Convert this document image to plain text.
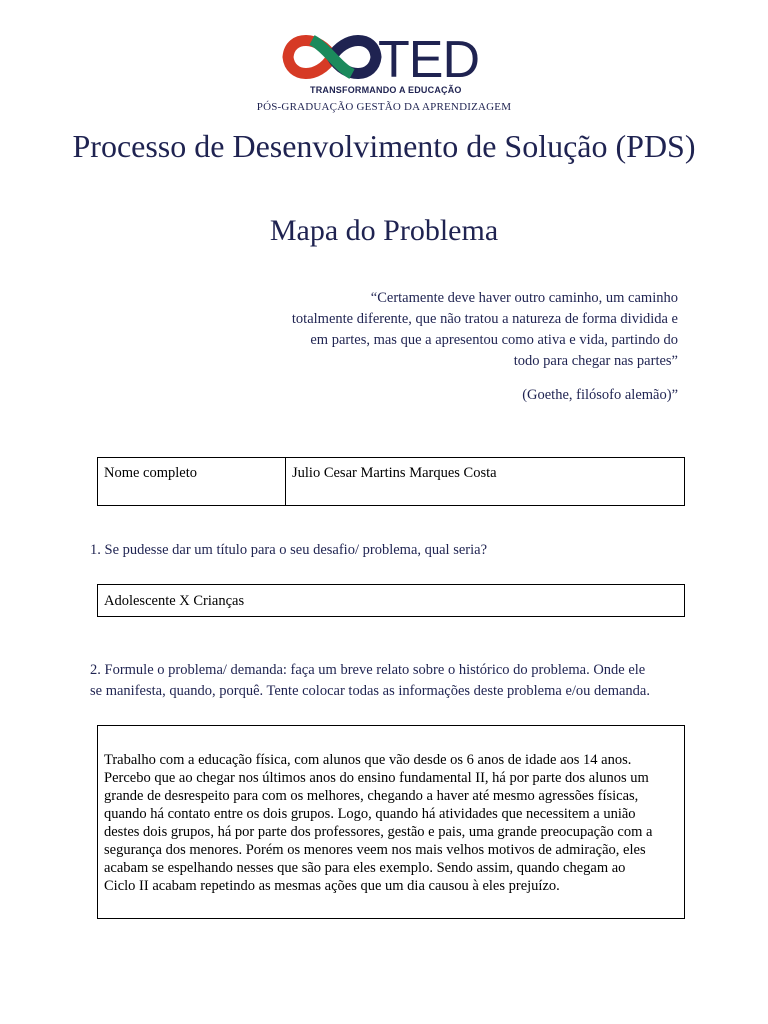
TED
TRANSFORMANDO A EDUCAÇÃO
PÓS-GRADUAÇÃO GESTÃO DA APRENDIZAGEM
Processo de Desenvolvimento de Solução (PDS)
Mapa do Problema
“Certamente deve haver outro caminho, um caminho
totalmente diferente, que não tratou a natureza de forma dividida e
em partes, mas que a apresentou como ativa e vida, partindo do
todo para chegar nas partes”
(Goethe, filósofo alemão)”
Nome completo	Julio Cesar Martins Marques Costa
1. Se pudesse dar um título para o seu desafio/ problema, qual seria?
Adolescente X Crianças
2. Formule o problema/ demanda: faça um breve relato sobre o histórico do problema. Onde ele
se manifesta, quando, porquê. Tente colocar todas as informações deste problema e/ou demanda.
Trabalho com a educação física, com alunos que vão desde os 6 anos de idade aos 14 anos.
Percebo que ao chegar nos últimos anos do ensino fundamental II, há por parte dos alunos um
grande de desrespeito para com os melhores, chegando a haver até mesmo agressões físicas,
quando há contato entre os dois grupos. Logo, quando há atividades que necessitem a união
destes dois grupos, há por parte dos professores, gestão e pais, uma grande preocupação com a
segurança dos menores. Porém os menores veem nos mais velhos motivos de admiração, eles
acabam se espelhando nesses que são para eles exemplo. Sendo assim, quando chegam ao
Ciclo II acabam repetindo as mesmas ações que um dia causou à eles prejuízo.
